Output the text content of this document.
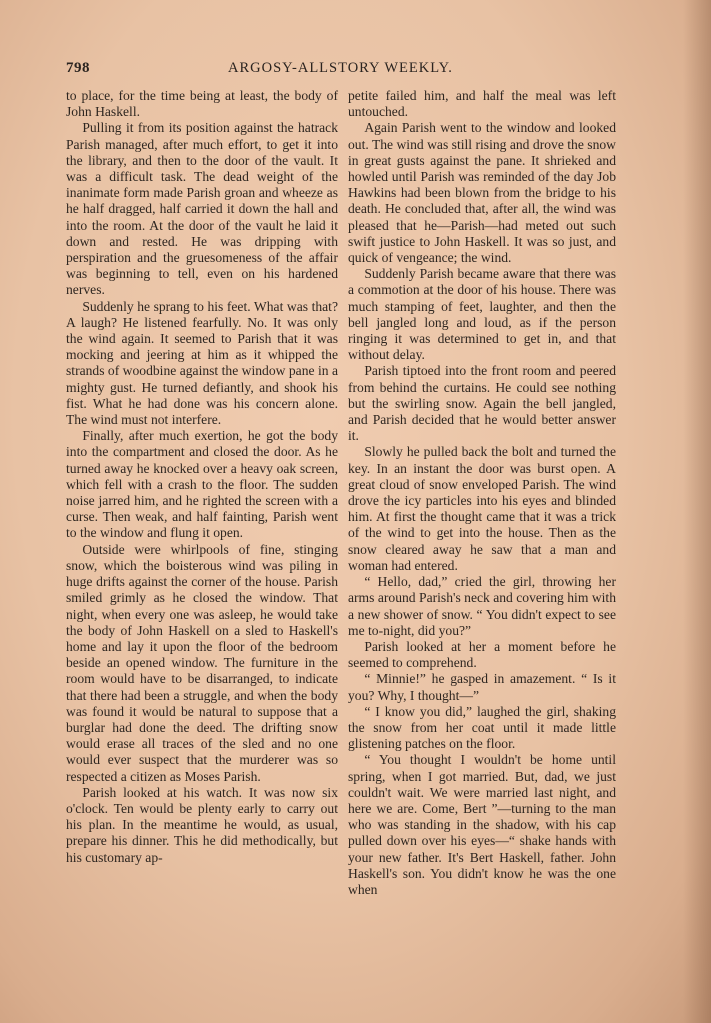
798	ARGOSY-ALLSTORY WEEKLY.

to place, for the time being at least, the body of John Haskell.

Pulling it from its position against the hatrack Parish managed, after much effort, to get it into the library, and then to the door of the vault. It was a difficult task. The dead weight of the inanimate form made Parish groan and wheeze as he half dragged, half carried it down the hall and into the room. At the door of the vault he laid it down and rested. He was dripping with perspiration and the gruesomeness of the affair was beginning to tell, even on his hardened nerves.

Suddenly he sprang to his feet. What was that? A laugh? He listened fearfully. No. It was only the wind again. It seemed to Parish that it was mocking and jeering at him as it whipped the strands of woodbine against the window pane in a mighty gust. He turned defiantly, and shook his fist. What he had done was his concern alone. The wind must not interfere.

Finally, after much exertion, he got the body into the compartment and closed the door. As he turned away he knocked over a heavy oak screen, which fell with a crash to the floor. The sudden noise jarred him, and he righted the screen with a curse. Then weak, and half fainting, Parish went to the window and flung it open.

Outside were whirlpools of fine, stinging snow, which the boisterous wind was piling in huge drifts against the corner of the house. Parish smiled grimly as he closed the window. That night, when every one was asleep, he would take the body of John Haskell on a sled to Haskell's home and lay it upon the floor of the bedroom beside an opened window. The furniture in the room would have to be disarranged, to indicate that there had been a struggle, and when the body was found it would be natural to suppose that a burglar had done the deed. The drifting snow would erase all traces of the sled and no one would ever suspect that the murderer was so respected a citizen as Moses Parish.

Parish looked at his watch. It was now six o'clock. Ten would be plenty early to carry out his plan. In the meantime he would, as usual, prepare his dinner. This he did methodically, but his customary ap-

petite failed him, and half the meal was left untouched.

Again Parish went to the window and looked out. The wind was still rising and drove the snow in great gusts against the pane. It shrieked and howled until Parish was reminded of the day Job Hawkins had been blown from the bridge to his death. He concluded that, after all, the wind was pleased that he—Parish—had meted out such swift justice to John Haskell. It was so just, and quick of vengeance; the wind.

Suddenly Parish became aware that there was a commotion at the door of his house. There was much stamping of feet, laughter, and then the bell jangled long and loud, as if the person ringing it was determined to get in, and that without delay.

Parish tiptoed into the front room and peered from behind the curtains. He could see nothing but the swirling snow. Again the bell jangled, and Parish decided that he would better answer it.

Slowly he pulled back the bolt and turned the key. In an instant the door was burst open. A great cloud of snow enveloped Parish. The wind drove the icy particles into his eyes and blinded him. At first the thought came that it was a trick of the wind to get into the house. Then as the snow cleared away he saw that a man and woman had entered.

“ Hello, dad,” cried the girl, throwing her arms around Parish's neck and covering him with a new shower of snow. “ You didn't expect to see me to-night, did you?”

Parish looked at her a moment before he seemed to comprehend.

“ Minnie!” he gasped in amazement. “ Is it you? Why, I thought—”

“ I know you did,” laughed the girl, shaking the snow from her coat until it made little glistening patches on the floor.

“ You thought I wouldn't be home until spring, when I got married. But, dad, we just couldn't wait. We were married last night, and here we are. Come, Bert ”—turning to the man who was standing in the shadow, with his cap pulled down over his eyes—“ shake hands with your new father. It's Bert Haskell, father. John Haskell's son. You didn't know he was the one when
